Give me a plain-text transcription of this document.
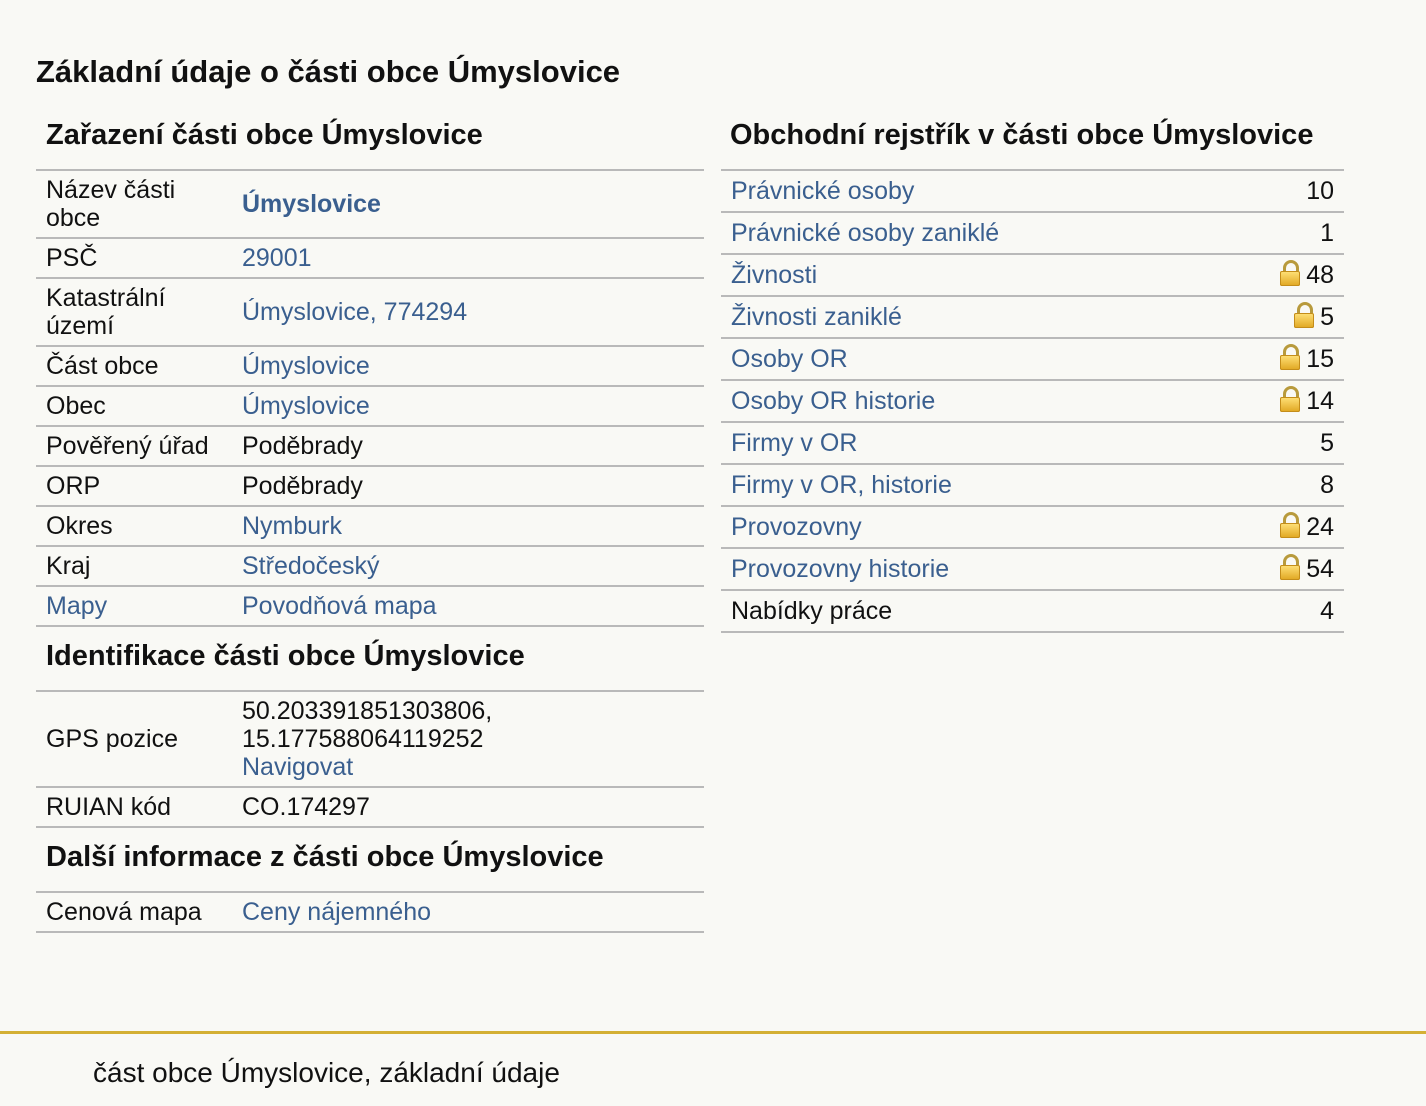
Základní údaje o části obce Úmyslovice
Zařazení části obce Úmyslovice
Název části obce	Úmyslovice
PSČ	29001
Katastrální území	Úmyslovice, 774294
Část obce	Úmyslovice
Obec	Úmyslovice
Pověřený úřad	Poděbrady
ORP	Poděbrady
Okres	Nymburk
Kraj	Středočeský
Mapy	Povodňová mapa
Identifikace části obce Úmyslovice
GPS pozice	50.203391851303806,
15.177588064119252
Navigovat
RUIAN kód	CO.174297
Další informace z části obce Úmyslovice
Cenová mapa	Ceny nájemného
Obchodní rejstřík v části obce Úmyslovice
Právnické osoby	10
Právnické osoby zaniklé	1
Živnosti	48
Živnosti zaniklé	5
Osoby OR	15
Osoby OR historie	14
Firmy v OR	5
Firmy v OR, historie	8
Provozovny	24
Provozovny historie	54
Nabídky práce	4
část obce Úmyslovice, základní údaje
